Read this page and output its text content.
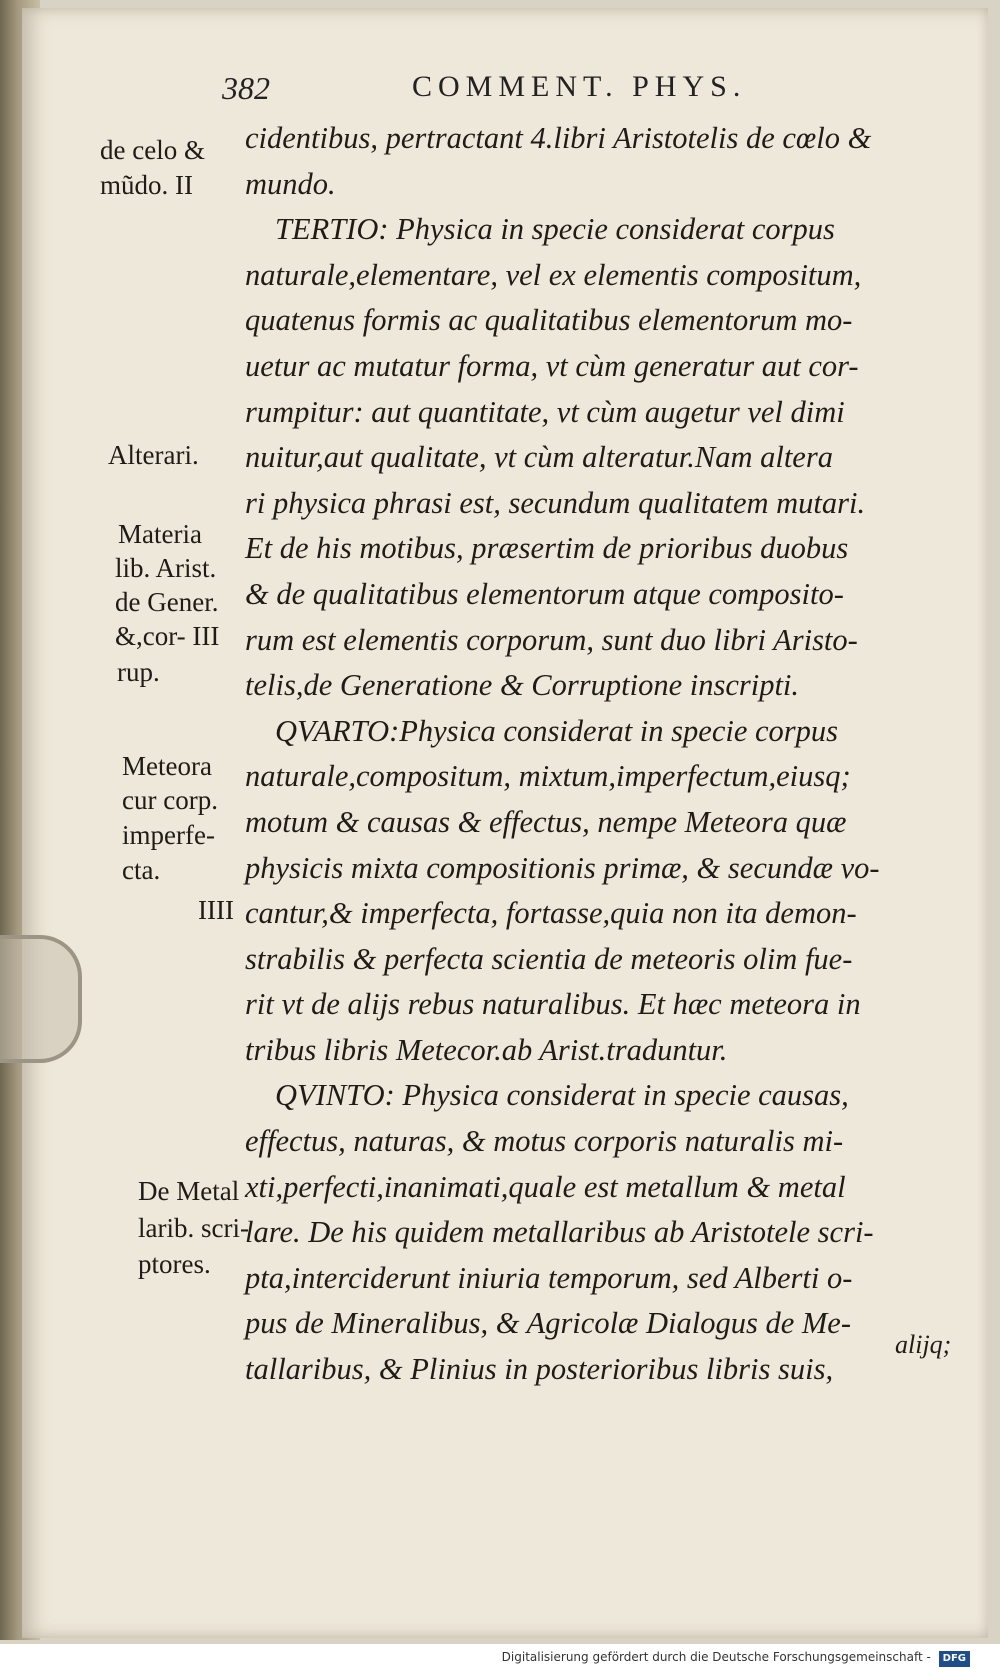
382	COMMENT. PHYS.
cidentibus, pertractant 4.libri Aristotelis de cœlo &
mundo.
TERTIO: Physica in specie considerat corpus
naturale,elementare, vel ex elementis compositum,
quatenus formis ac qualitatibus elementorum mo-
uetur ac mutatur forma, vt cùm generatur aut cor-
rumpitur: aut quantitate, vt cùm augetur vel dimi
nuitur,aut qualitate, vt cùm alteratur.Nam altera
ri physica phrasi est, secundum qualitatem mutari.
Et de his motibus, præsertim de prioribus duobus
& de qualitatibus elementorum atque composito-
rum est elementis corporum, sunt duo libri Aristo-
telis,de Generatione & Corruptione inscripti.
QVARTO:Physica considerat in specie corpus
naturale,compositum, mixtum,imperfectum,eiusq;
motum & causas & effectus, nempe Meteora quæ
physicis mixta compositionis primæ, & secundæ vo-
cantur,& imperfecta, fortasse,quia non ita demon-
strabilis & perfecta scientia de meteoris olim fue-
rit vt de alijs rebus naturalibus. Et hæc meteora in
tribus libris Metecor.ab Arist.traduntur.
QVINTO: Physica considerat in specie causas,
effectus, naturas, & motus corporis naturalis mi-
xti,perfecti,inanimati,quale est metallum & metal
lare. De his quidem metallaribus ab Aristotele scri-
pta,interciderunt iniuria temporum, sed Alberti o-
pus de Mineralibus, & Agricolæ Dialogus de Me-
tallaribus, & Plinius in posterioribus libris suis,
alijq;
de celo &
mũdo. II
Alterari.
Materia
lib. Arist.
de Gener.
&,cor- III
rup.
Meteora
cur corp.
imperfe-
cta.
IIII
De Metal
larib. scri-
ptores.
Digitalisierung gefördert durch die Deutsche Forschungsgemeinschaft - DFG
